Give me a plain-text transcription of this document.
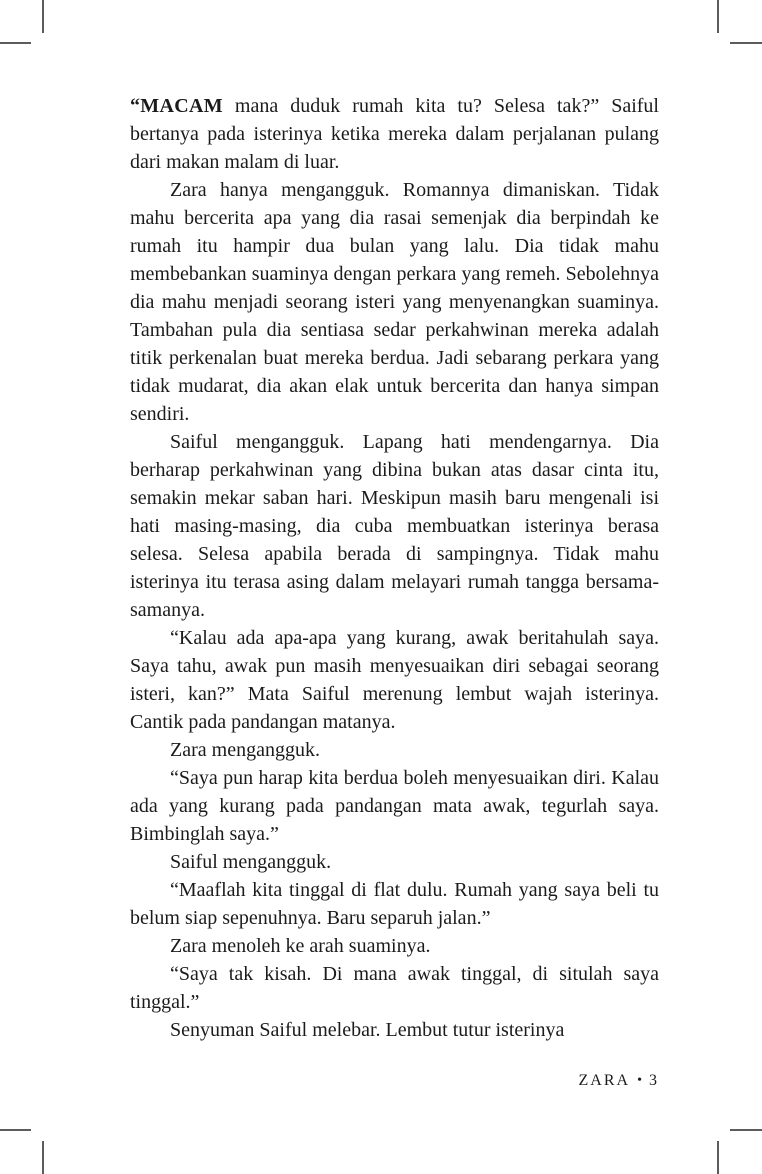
“MACAM mana duduk rumah kita tu? Selesa tak?” Saiful bertanya pada isterinya ketika mereka dalam perjalanan pulang dari makan malam di luar.

Zara hanya mengangguk. Romannya dimaniskan. Tidak mahu bercerita apa yang dia rasai semenjak dia berpindah ke rumah itu hampir dua bulan yang lalu. Dia tidak mahu membebankan suaminya dengan perkara yang remeh. Sebolehnya dia mahu menjadi seorang isteri yang menyenangkan suaminya. Tambahan pula dia sentiasa sedar perkahwinan mereka adalah titik perkenalan buat mereka berdua. Jadi sebarang perkara yang tidak mudarat, dia akan elak untuk bercerita dan hanya simpan sendiri.

Saiful mengangguk. Lapang hati mendengarnya. Dia berharap perkahwinan yang dibina bukan atas dasar cinta itu, semakin mekar saban hari. Meskipun masih baru mengenali isi hati masing-masing, dia cuba membuatkan isterinya berasa selesa. Selesa apabila berada di sampingnya. Tidak mahu isterinya itu terasa asing dalam melayari rumah tangga bersama-samanya.

“Kalau ada apa-apa yang kurang, awak beritahulah saya. Saya tahu, awak pun masih menyesuaikan diri sebagai seorang isteri, kan?” Mata Saiful merenung lembut wajah isterinya. Cantik pada pandangan matanya.

Zara mengangguk.

“Saya pun harap kita berdua boleh menyesuaikan diri. Kalau ada yang kurang pada pandangan mata awak, tegurlah saya. Bimbinglah saya.”

Saiful mengangguk.

“Maaflah kita tinggal di flat dulu. Rumah yang saya beli tu belum siap sepenuhnya. Baru separuh jalan.”

Zara menoleh ke arah suaminya.

“Saya tak kisah. Di mana awak tinggal, di situlah saya tinggal.”

Senyuman Saiful melebar. Lembut tutur isterinya

ZARA • 3
